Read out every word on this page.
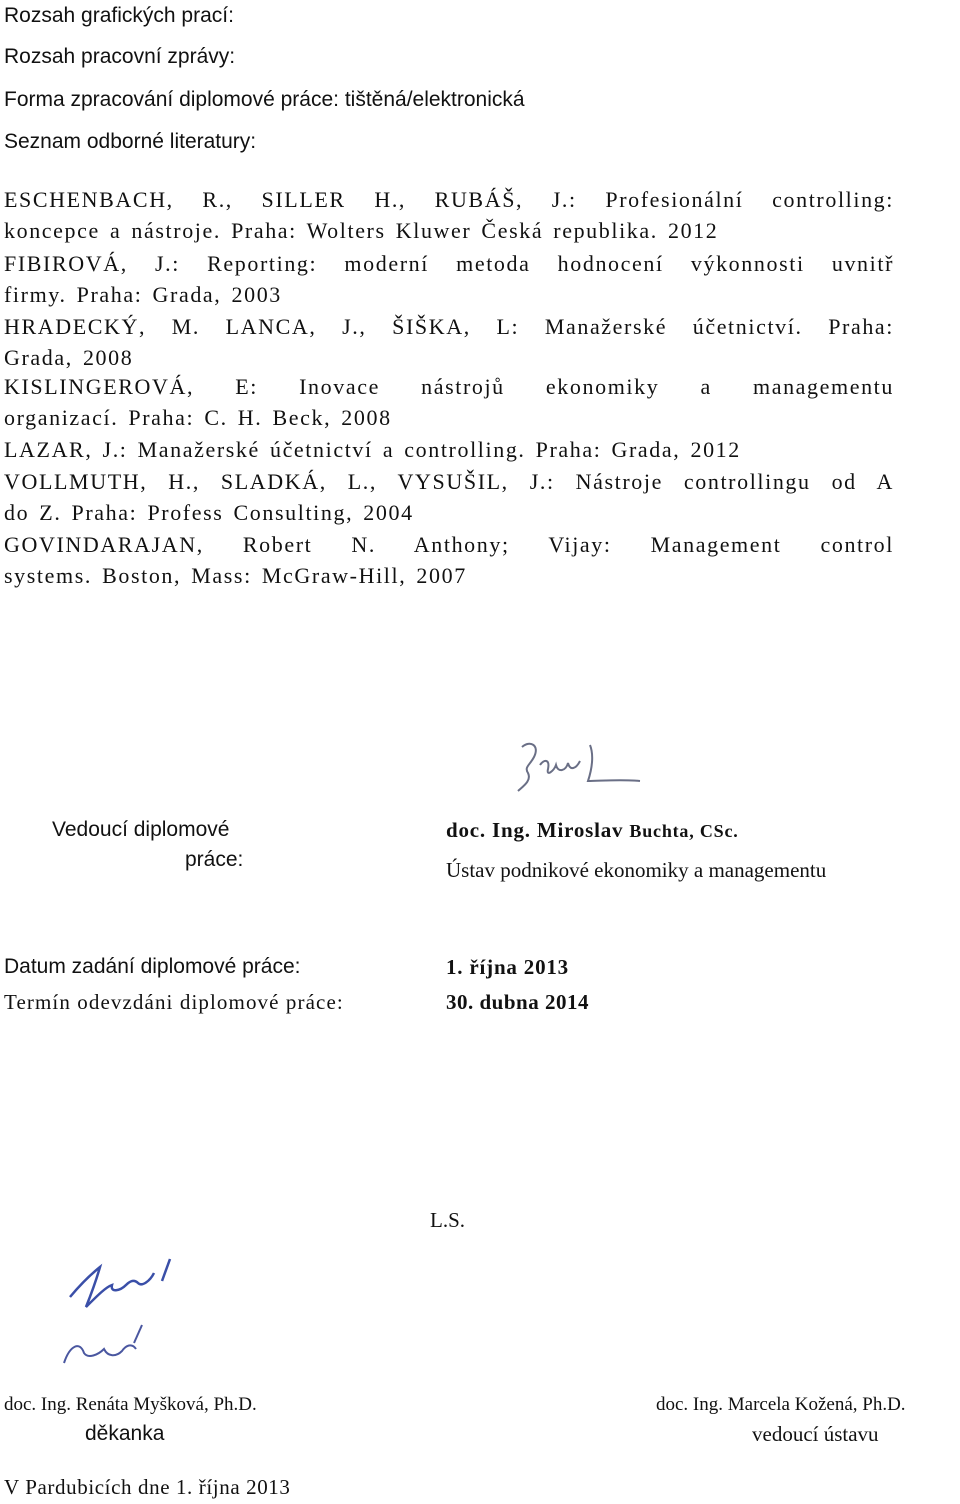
Rozsah grafických prací:
Rozsah pracovní zprávy:
Forma zpracování diplomové práce: tištěná/elektronická
Seznam odborné literatury:
ESCHENBACH, R., SILLER H., RUBÁŠ, J.: Profesionální controlling:
koncepce a nástroje. Praha: Wolters Kluwer Česká republika. 2012
FIBIROVÁ, J.: Reporting: moderní metoda hodnocení výkonnosti uvnitř
firmy. Praha: Grada, 2003
HRADECKÝ, M. LANCA, J., ŠIŠKA, L: Manažerské účetnictví. Praha:
Grada, 2008
KISLINGEROVÁ, E: Inovace nástrojů ekonomiky a managementu
organizací. Praha: C. H. Beck, 2008
LAZAR, J.: Manažerské účetnictví a controlling. Praha: Grada, 2012
VOLLMUTH, H., SLADKÁ, L., VYSUŠIL, J.: Nástroje controllingu od A
do Z. Praha: Profess Consulting, 2004
GOVINDARAJAN, Robert N. Anthony; Vijay: Management control
systems. Boston, Mass: McGraw-Hill, 2007
Vedoucí diplomové
práce:
doc. Ing. Miroslav Buchta, CSc.
Ústav podnikové ekonomiky a managementu
Datum zadání diplomové práce:	1. října 2013
Termín odevzdáni diplomové práce:	30. dubna 2014
L.S.
doc. Ing. Renáta Myšková, Ph.D.
děkanka
doc. Ing. Marcela Kožená, Ph.D.
vedoucí ústavu
V Pardubicích dne 1. října 2013
